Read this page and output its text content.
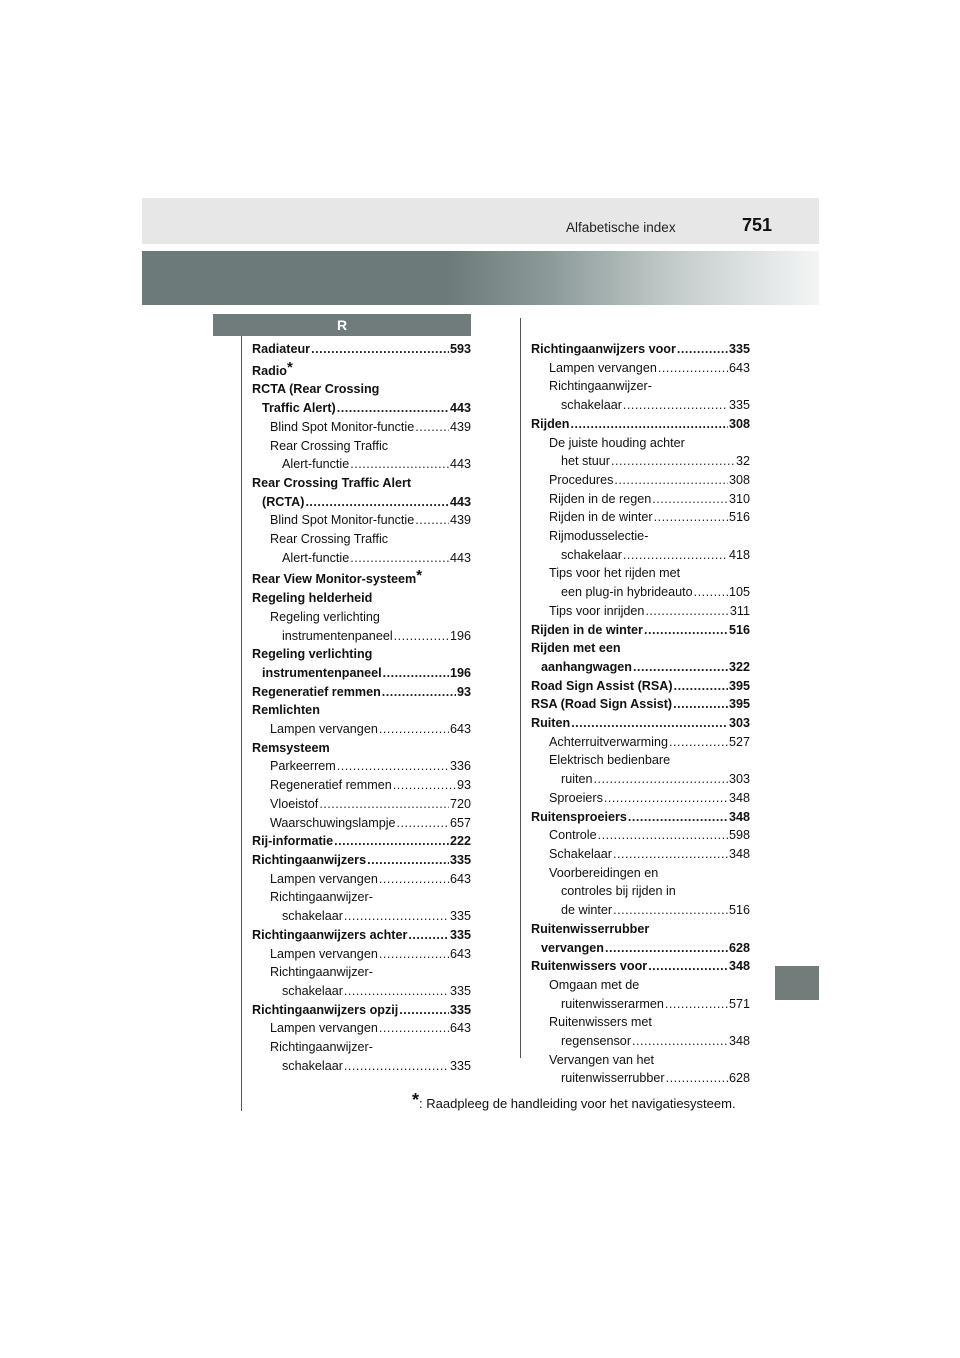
Alfabetische index	751
R
Radiateur .....	593
Radio*
RCTA (Rear Crossing
Traffic Alert) .....	443
Blind Spot Monitor-functie .....	439
Rear Crossing Traffic
Alert-functie .....	443
Rear Crossing Traffic Alert
(RCTA) .....	443
Blind Spot Monitor-functie .....	439
Rear Crossing Traffic
Alert-functie .....	443
Rear View Monitor-systeem*
Regeling helderheid
Regeling verlichting
instrumentenpaneel .....	196
Regeling verlichting
instrumentenpaneel .....	196
Regeneratief remmen .....	93
Remlichten
Lampen vervangen .....	643
Remsysteem
Parkeerrem .....	336
Regeneratief remmen .....	93
Vloeistof .....	720
Waarschuwingslampje .....	657
Rij-informatie .....	222
Richtingaanwijzers .....	335
Lampen vervangen .....	643
Richtingaanwijzer-
schakelaar .....	335
Richtingaanwijzers achter .....	335
Lampen vervangen .....	643
Richtingaanwijzer-
schakelaar .....	335
Richtingaanwijzers opzij .....	335
Lampen vervangen .....	643
Richtingaanwijzer-
schakelaar .....	335
Richtingaanwijzers voor .....	335
Lampen vervangen .....	643
Richtingaanwijzer-
schakelaar .....	335
Rijden .....	308
De juiste houding achter
het stuur .....	32
Procedures .....	308
Rijden in de regen .....	310
Rijden in de winter .....	516
Rijmodusselectie-
schakelaar .....	418
Tips voor het rijden met
een plug-in hybrideauto .....	105
Tips voor inrijden .....	311
Rijden in de winter .....	516
Rijden met een
aanhangwagen .....	322
Road Sign Assist (RSA) .....	395
RSA (Road Sign Assist) .....	395
Ruiten .....	303
Achterruitverwarming .....	527
Elektrisch bedienbare
ruiten .....	303
Sproeiers .....	348
Ruitensproeiers .....	348
Controle .....	598
Schakelaar .....	348
Voorbereidingen en
controles bij rijden in
de winter .....	516
Ruitenwisserrubber
vervangen .....	628
Ruitenwissers voor .....	348
Omgaan met de
ruitenwisserarmen .....	571
Ruitenwissers met
regensensor .....	348
Vervangen van het
ruitenwisserrubber .....	628
*: Raadpleeg de handleiding voor het navigatiesysteem.
